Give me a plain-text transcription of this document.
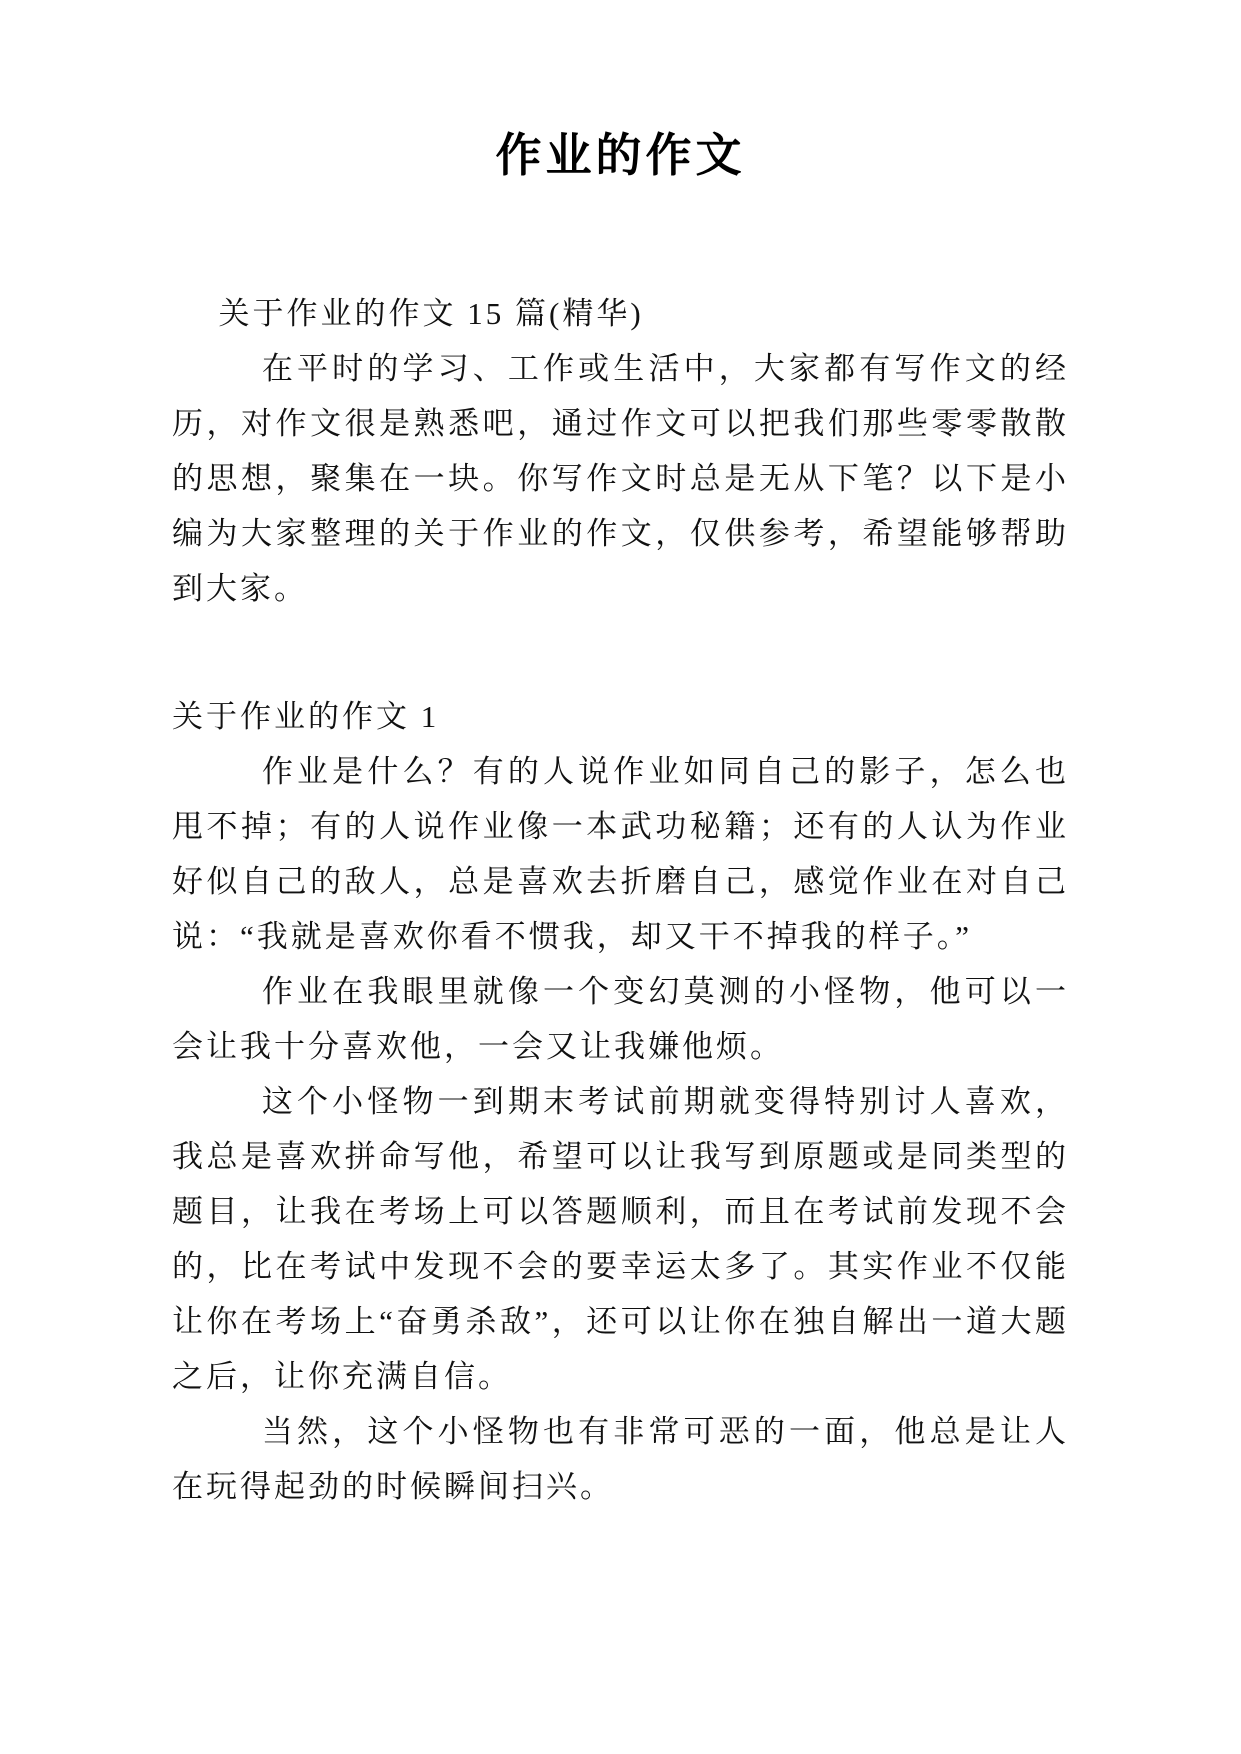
作业的作文

关于作业的作文 15 篇(精华)

在平时的学习、工作或生活中，大家都有写作文的经历，对作文很是熟悉吧，通过作文可以把我们那些零零散散的思想，聚集在一块。你写作文时总是无从下笔？以下是小编为大家整理的关于作业的作文，仅供参考，希望能够帮助到大家。

关于作业的作文 1

作业是什么？有的人说作业如同自己的影子，怎么也甩不掉；有的人说作业像一本武功秘籍；还有的人认为作业好似自己的敌人，总是喜欢去折磨自己，感觉作业在对自己说：“我就是喜欢你看不惯我，却又干不掉我的样子。”

作业在我眼里就像一个变幻莫测的小怪物，他可以一会让我十分喜欢他，一会又让我嫌他烦。

这个小怪物一到期末考试前期就变得特别讨人喜欢，我总是喜欢拼命写他，希望可以让我写到原题或是同类型的题目，让我在考场上可以答题顺利，而且在考试前发现不会的，比在考试中发现不会的要幸运太多了。其实作业不仅能让你在考场上“奋勇杀敌”，还可以让你在独自解出一道大题之后，让你充满自信。

当然，这个小怪物也有非常可恶的一面，他总是让人在玩得起劲的时候瞬间扫兴。
